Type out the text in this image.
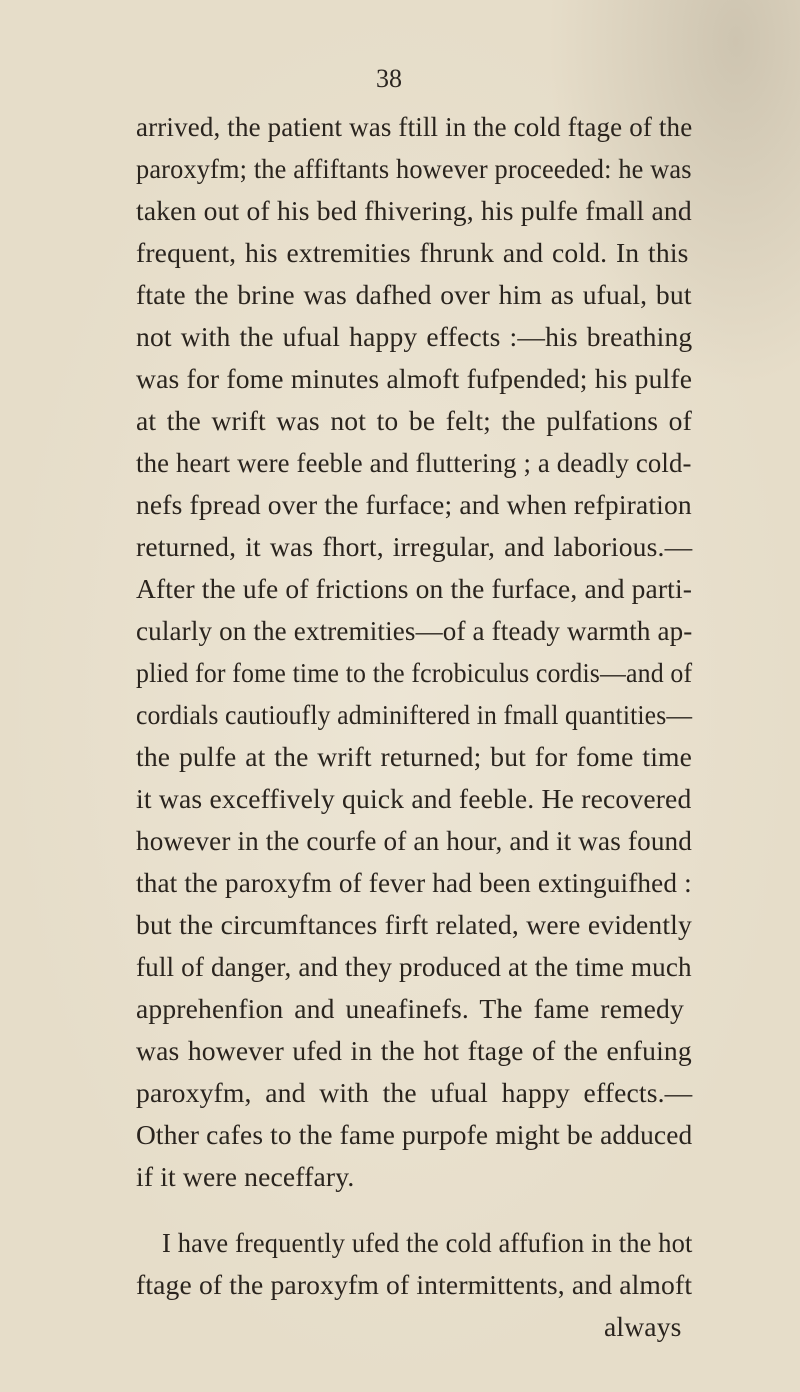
38
arrived, the patient was ftill in the cold ftage of the
paroxyfm; the affiftants however proceeded: he was
taken out of his bed fhivering, his pulfe fmall and
frequent, his extremities fhrunk and cold. In this
ftate the brine was dafhed over him as ufual, but
not with the ufual happy effects :—his breathing
was for fome minutes almoft fufpended; his pulfe
at the wrift was not to be felt; the pulfations of
the heart were feeble and fluttering ; a deadly cold-
nefs fpread over the furface; and when refpiration
returned, it was fhort, irregular, and laborious.—
After the ufe of frictions on the furface, and parti-
cularly on the extremities—of a fteady warmth ap-
plied for fome time to the fcrobiculus cordis—and of
cordials cautioufly adminiftered in fmall quantities—
the pulfe at the wrift returned; but for fome time
it was exceffively quick and feeble. He recovered
however in the courfe of an hour, and it was found
that the paroxyfm of fever had been extinguifhed :
but the circumftances firft related, were evidently
full of danger, and they produced at the time much
apprehenfion and uneafinefs. The fame remedy
was however ufed in the hot ftage of the enfuing
paroxyfm, and with the ufual happy effects.—
Other cafes to the fame purpofe might be adduced
if it were neceffary.
I have frequently ufed the cold affufion in the hot
ftage of the paroxyfm of intermittents, and almoft
always
